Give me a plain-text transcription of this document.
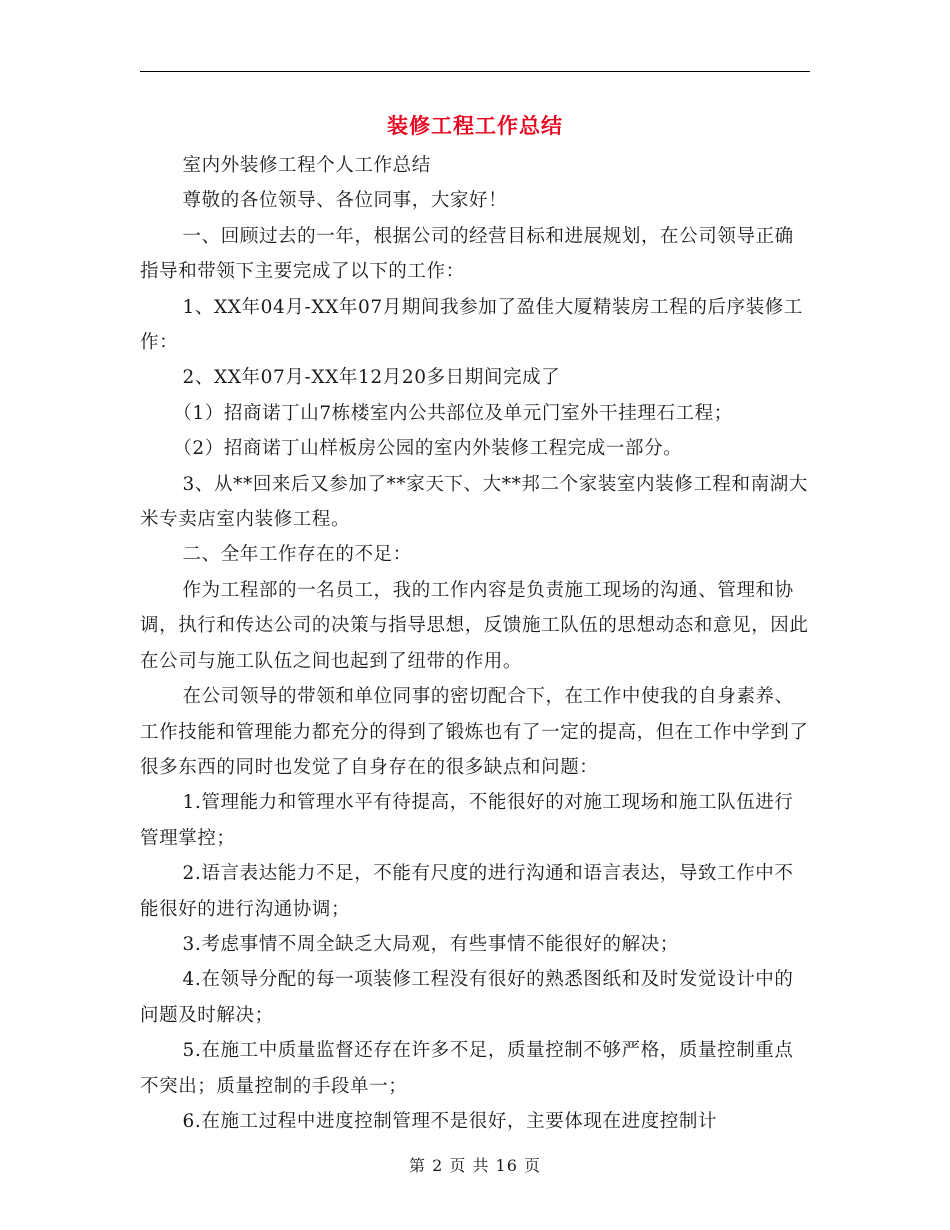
装修工程工作总结

室内外装修工程个人工作总结

尊敬的各位领导、各位同事，大家好！

一、回顾过去的一年，根据公司的经营目标和进展规划，在公司领导正确指导和带领下主要完成了以下的工作：

1、XX年04月-XX年07月期间我参加了盈佳大厦精装房工程的后序装修工作：

2、XX年07月-XX年12月20多日期间完成了

（1）招商诺丁山7栋楼室内公共部位及单元门室外干挂理石工程；

（2）招商诺丁山样板房公园的室内外装修工程完成一部分。

3、从**回来后又参加了**家天下、大**邦二个家装室内装修工程和南湖大米专卖店室内装修工程。

二、全年工作存在的不足：

作为工程部的一名员工，我的工作内容是负责施工现场的沟通、管理和协调，执行和传达公司的决策与指导思想，反馈施工队伍的思想动态和意见，因此在公司与施工队伍之间也起到了纽带的作用。

在公司领导的带领和单位同事的密切配合下，在工作中使我的自身素养、工作技能和管理能力都充分的得到了锻炼也有了一定的提高，但在工作中学到了很多东西的同时也发觉了自身存在的很多缺点和问题：

1.管理能力和管理水平有待提高，不能很好的对施工现场和施工队伍进行管理掌控；

2.语言表达能力不足，不能有尺度的进行沟通和语言表达，导致工作中不能很好的进行沟通协调；

3.考虑事情不周全缺乏大局观，有些事情不能很好的解决；

4.在领导分配的每一项装修工程没有很好的熟悉图纸和及时发觉设计中的问题及时解决；

5.在施工中质量监督还存在许多不足，质量控制不够严格，质量控制重点不突出；质量控制的手段单一；

6.在施工过程中进度控制管理不是很好，主要体现在进度控制计

第 2 页 共 16 页
